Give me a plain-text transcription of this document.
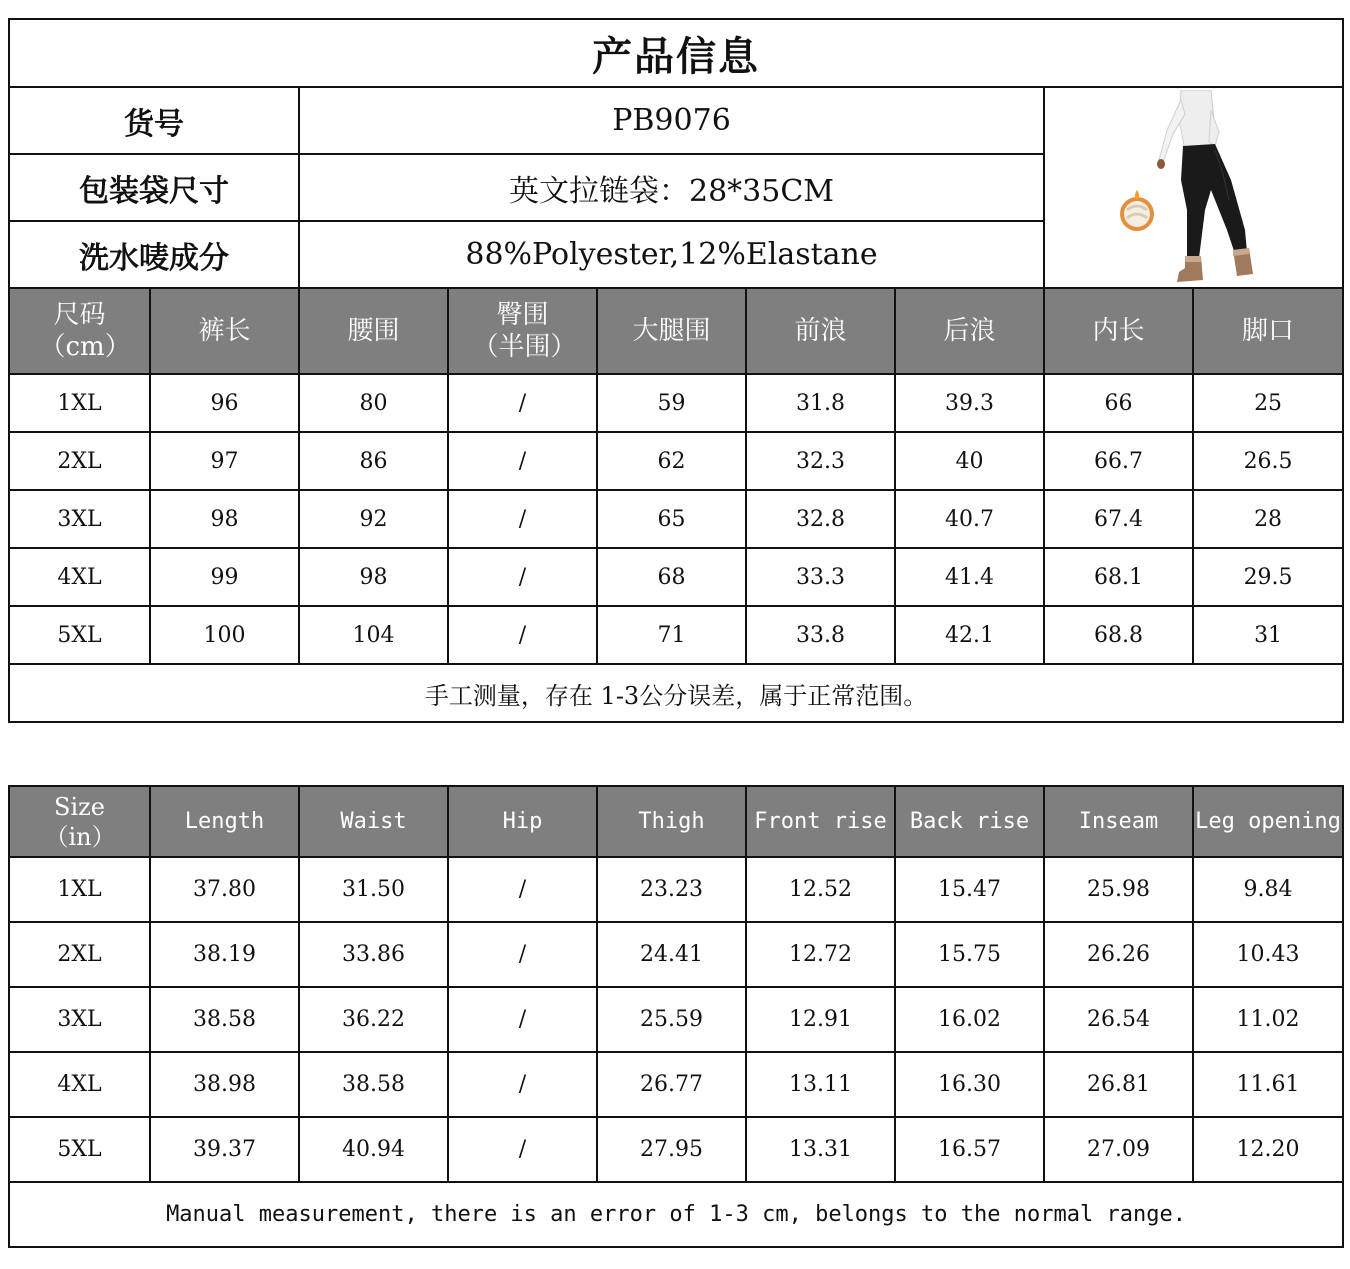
产品信息								
货号		PB9076	

包装袋尺寸		英文拉链袋：28*35CM						
洗水唛成分		88%Polyester,12%Elastane						
尺码（cm）	裤长	腰围	臀围（半围）	大腿围	前浪	后浪	内长	脚口
1XL	96	80	/	59	31.8	39.3	66	25
2XL	97	86	/	62	32.3	40	66.7	26.5
3XL	98	92	/	65	32.8	40.7	67.4	28
4XL	99	98	/	68	33.3	41.4	68.1	29.5
5XL	100	104	/	71	33.8	42.1	68.8	31
手工测量，存在 1-3公分误差，属于正常范围。								
Size（in）	Length	Waist	Hip	Thigh	Front rise	Back rise	Inseam	Leg opening
1XL	37.80	31.50	/	23.23	12.52	15.47	25.98	9.84
2XL	38.19	33.86	/	24.41	12.72	15.75	26.26	10.43
3XL	38.58	36.22	/	25.59	12.91	16.02	26.54	11.02
4XL	38.98	38.58	/	26.77	13.11	16.30	26.81	11.61
5XL	39.37	40.94	/	27.95	13.31	16.57	27.09	12.20
Manual measurement, there is an error of 1-3 cm, belongs to the normal range.								
